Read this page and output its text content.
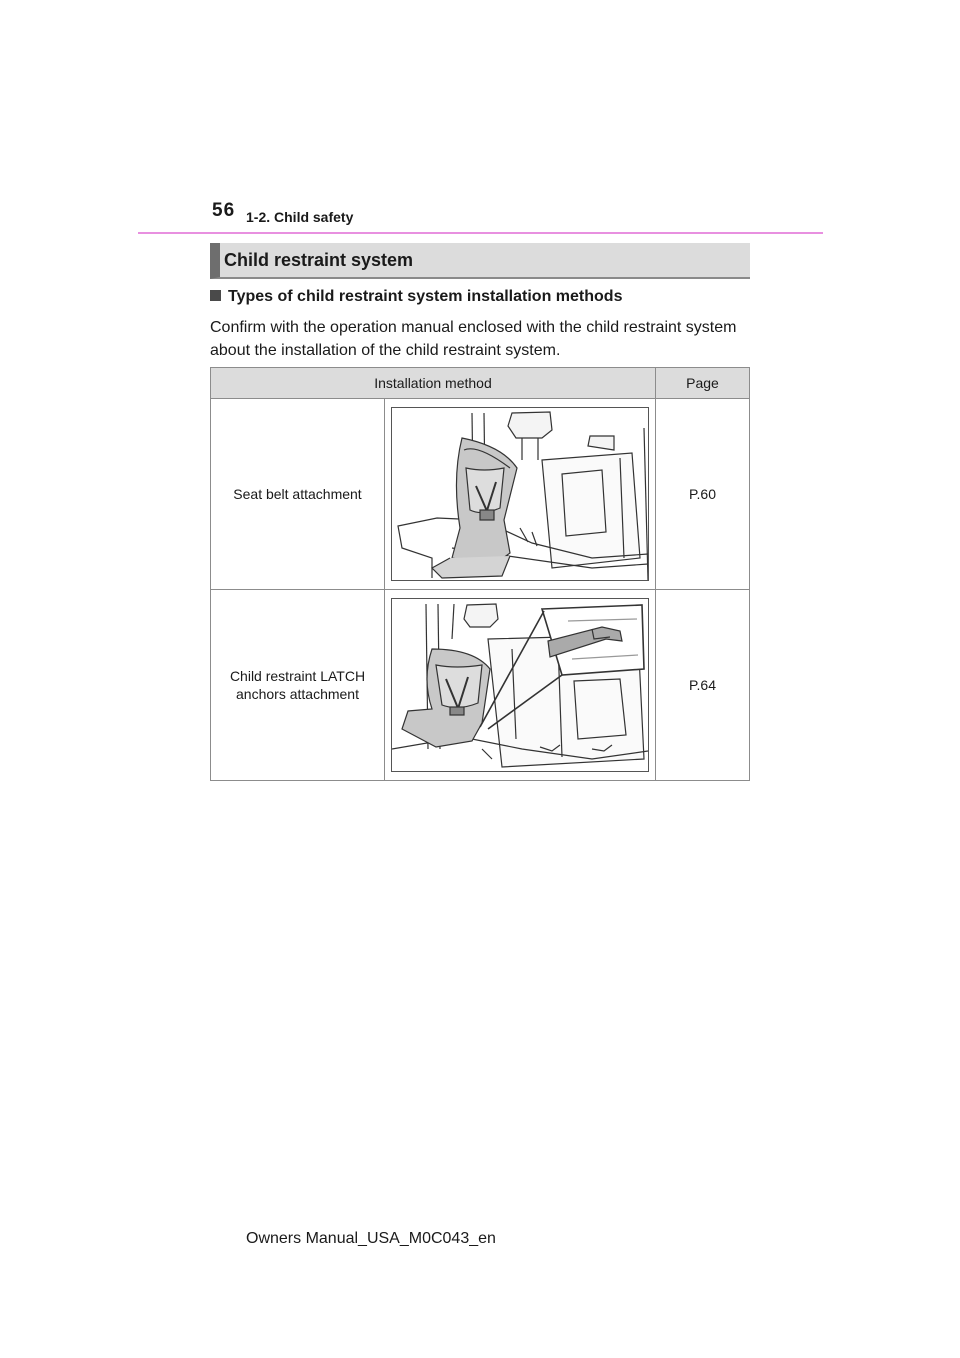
56 1-2. Child safety
Child restraint system
Types of child restraint system installation methods
Confirm with the operation manual enclosed with the child restraint system about the installation of the child restraint system.
Installation method		Page
Seat belt attachment		P.60
Child restraint LATCH anchors attachment		P.64
Owners Manual_USA_M0C043_en
